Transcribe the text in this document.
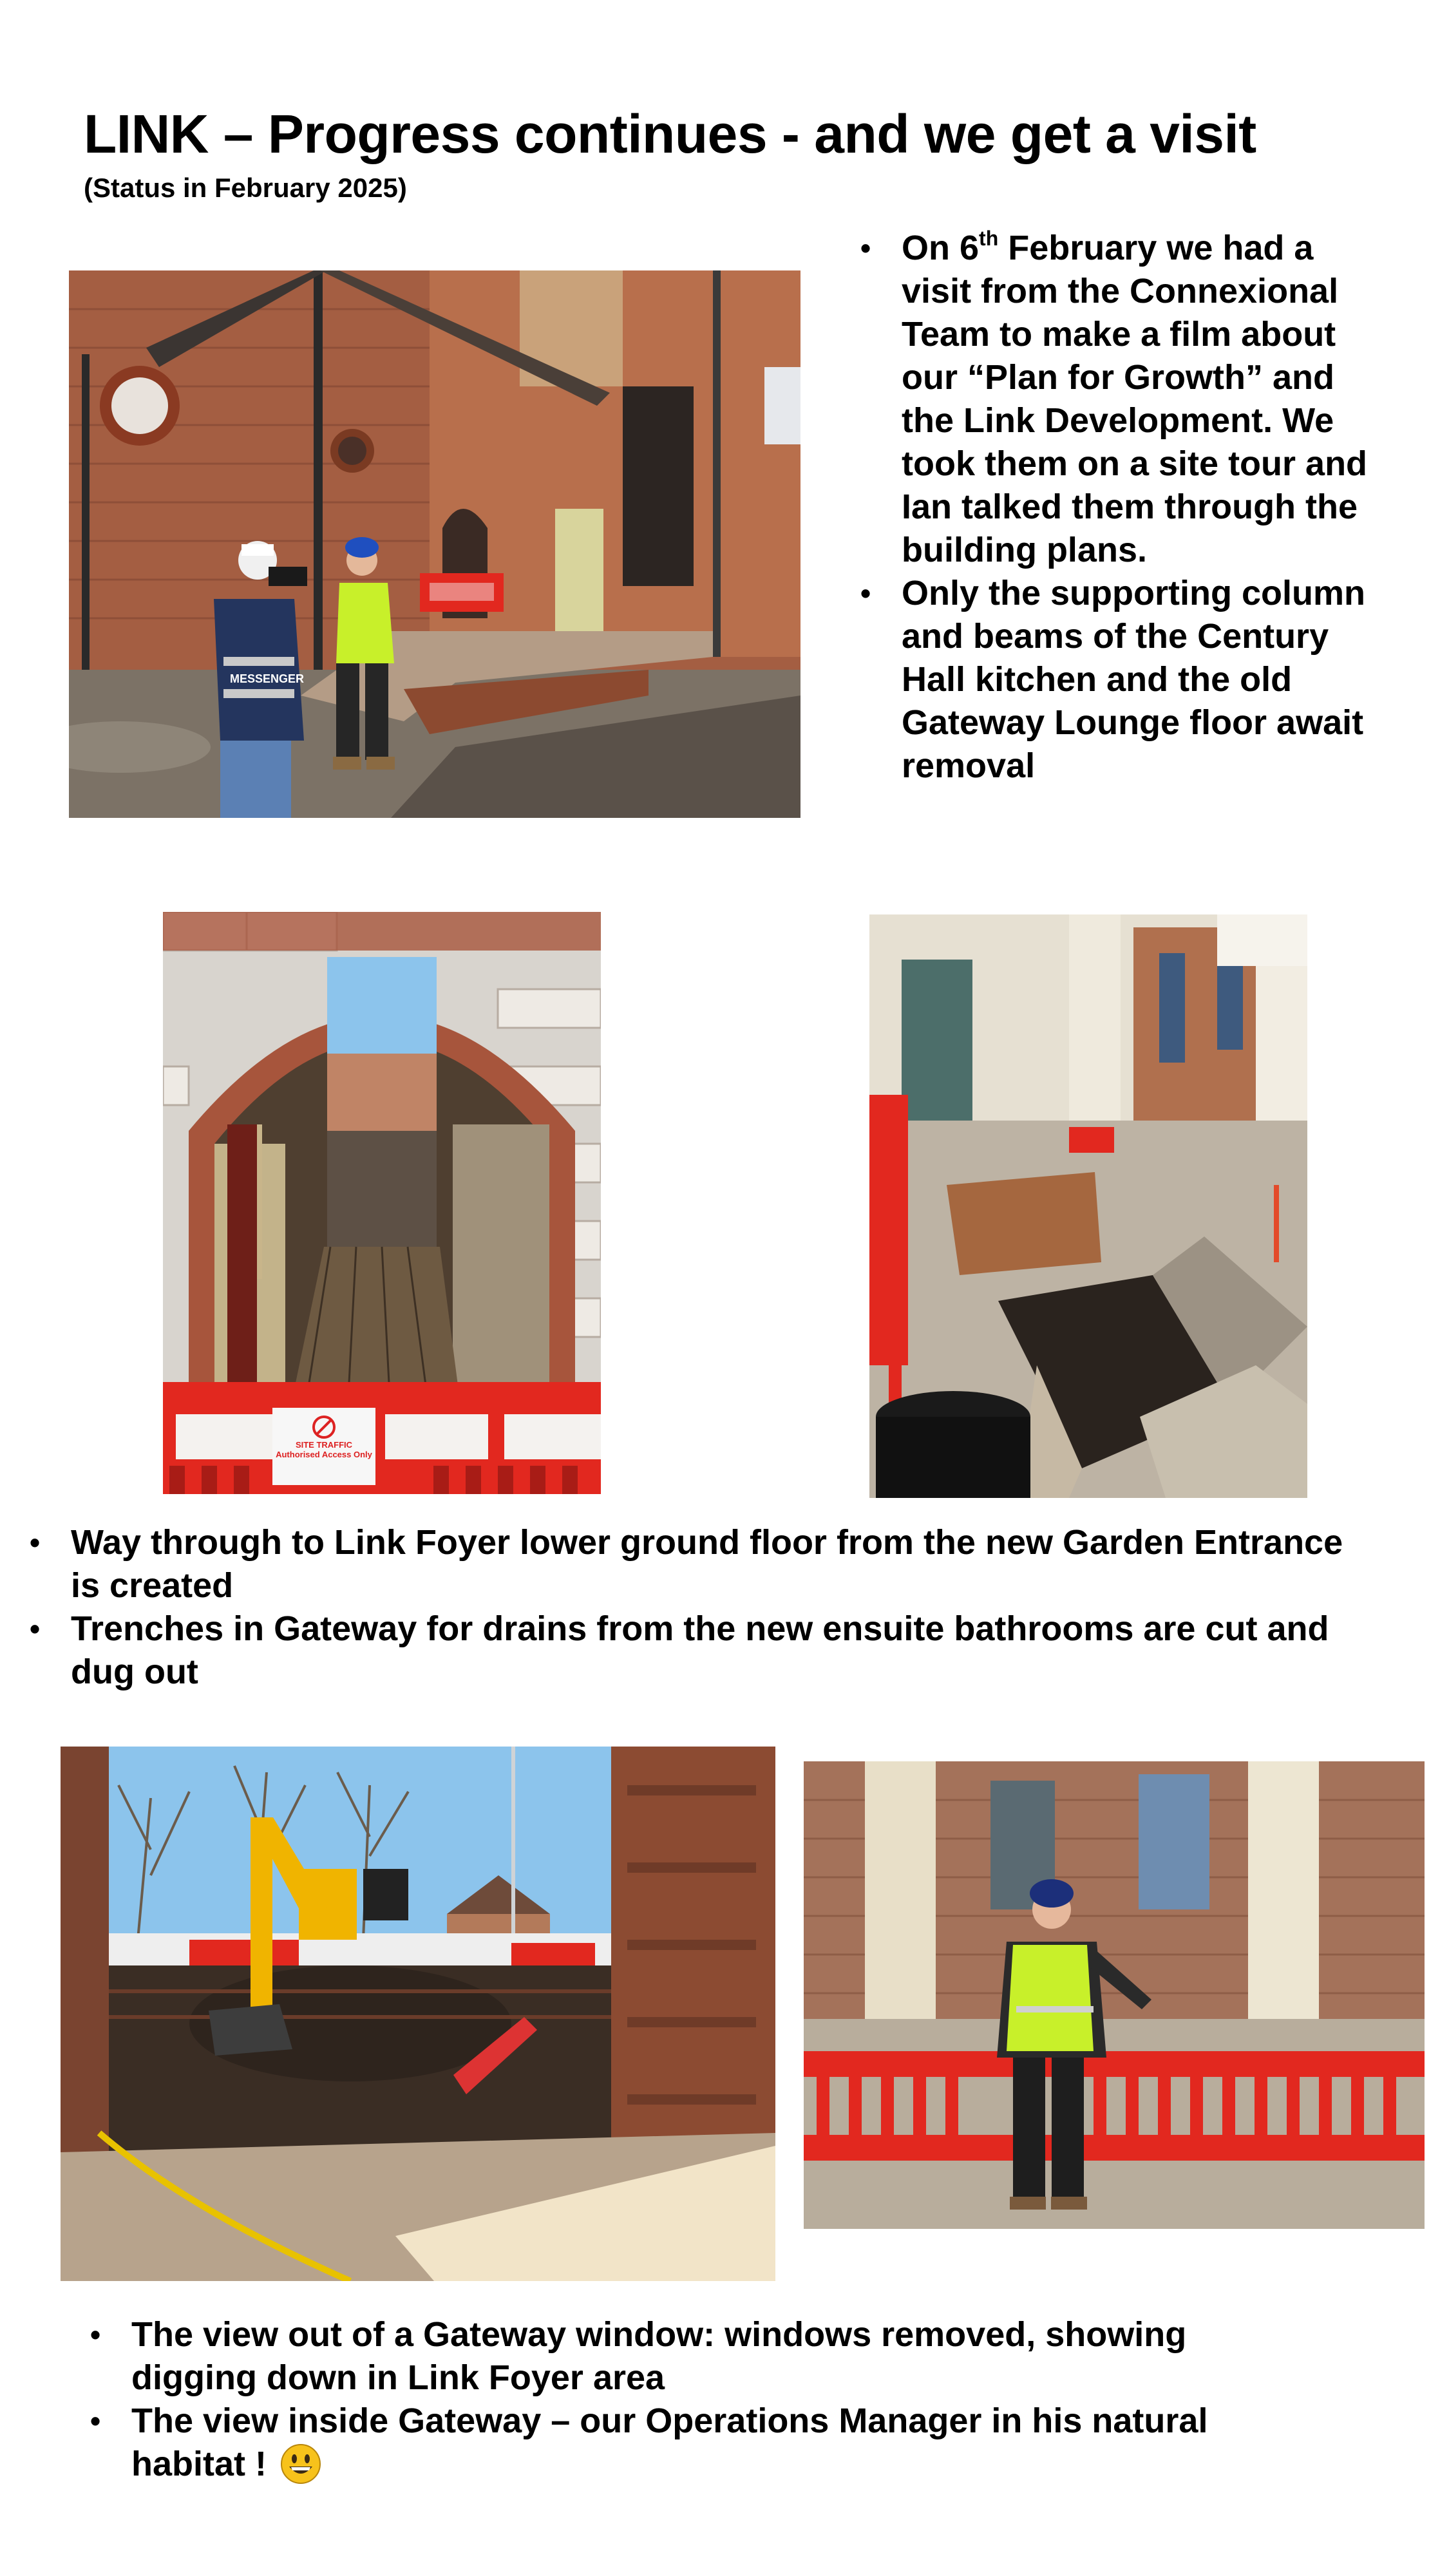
LINK – Progress continues - and we get a visit
(Status in February 2025)
MESSENGER
• On 6th February we had a visit from the Connexional Team to make a film about our “Plan for Growth” and the Link Development. We took them on a site tour and Ian talked them through the building plans.
• Only the supporting column and beams of the Century Hall kitchen and the old Gateway Lounge floor await removal
SITE TRAFFIC Authorised Access Only
• Way through to Link Foyer lower ground floor from the new Garden Entrance is created
• Trenches in Gateway for drains from the new ensuite bathrooms are cut and dug out
• The view out of a Gateway window: windows removed, showing digging down in Link Foyer area
• The view inside Gateway – our Operations Manager in his natural habitat !
